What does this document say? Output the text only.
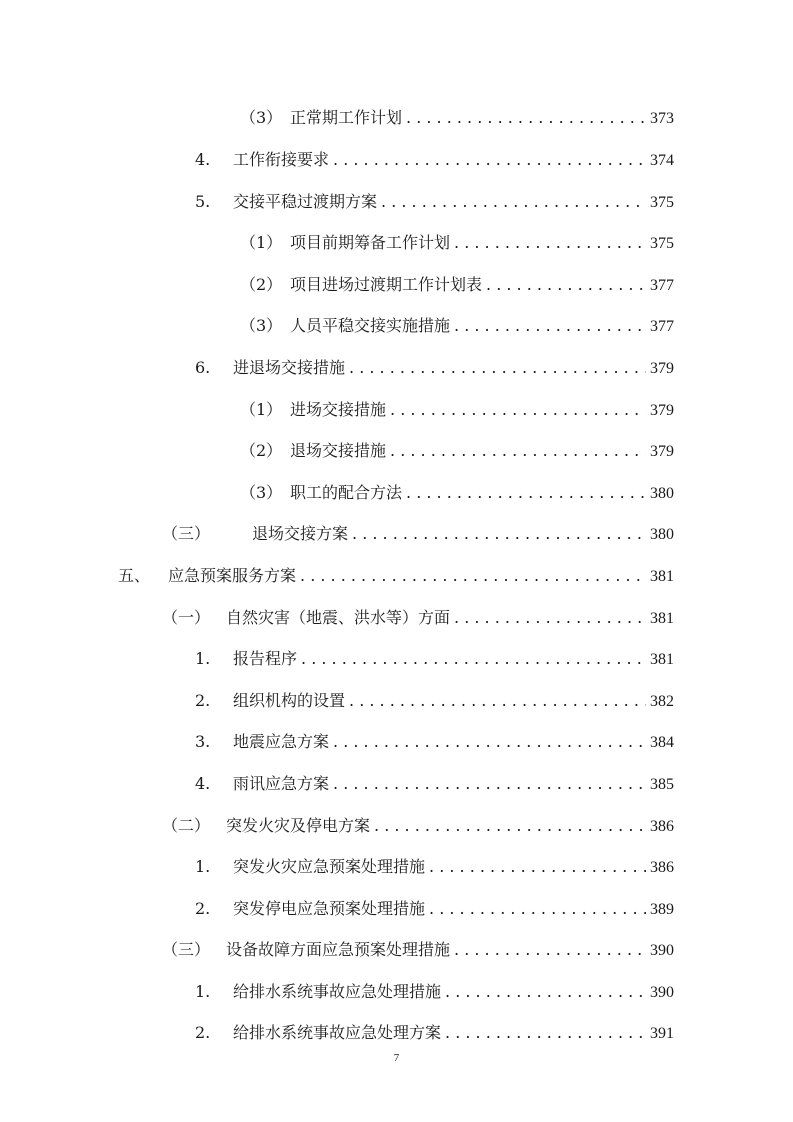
（3） 正常期工作计划 . . .	373
4.	工作衔接要求 . . .	374
5.	交接平稳过渡期方案 . . .	375
（1） 项目前期筹备工作计划 . . .	375
（2） 项目进场过渡期工作计划表 . . .	377
（3） 人员平稳交接实施措施 . . .	377
6.	进退场交接措施 . . .	379
（1） 进场交接措施 . . .	379
（2） 退场交接措施 . . .	379
（3） 职工的配合方法 . . .	380
（三）	退场交接方案 . . .	380
五、	应急预案服务方案 . . .	381
（一） 自然灾害（地震、洪水等）方面 . . .	381
1.	报告程序 . . .	381
2.	组织机构的设置 . . .	382
3.	地震应急方案 . . .	384
4.	雨讯应急方案 . . .	385
（二） 突发火灾及停电方案 . . .	386
1.	突发火灾应急预案处理措施 . . .	386
2.	突发停电应急预案处理措施 . . .	389
（三） 设备故障方面应急预案处理措施 . . .	390
1.	给排水系统事故应急处理措施 . . .	390
2.	给排水系统事故应急处理方案 . . .	391
7
